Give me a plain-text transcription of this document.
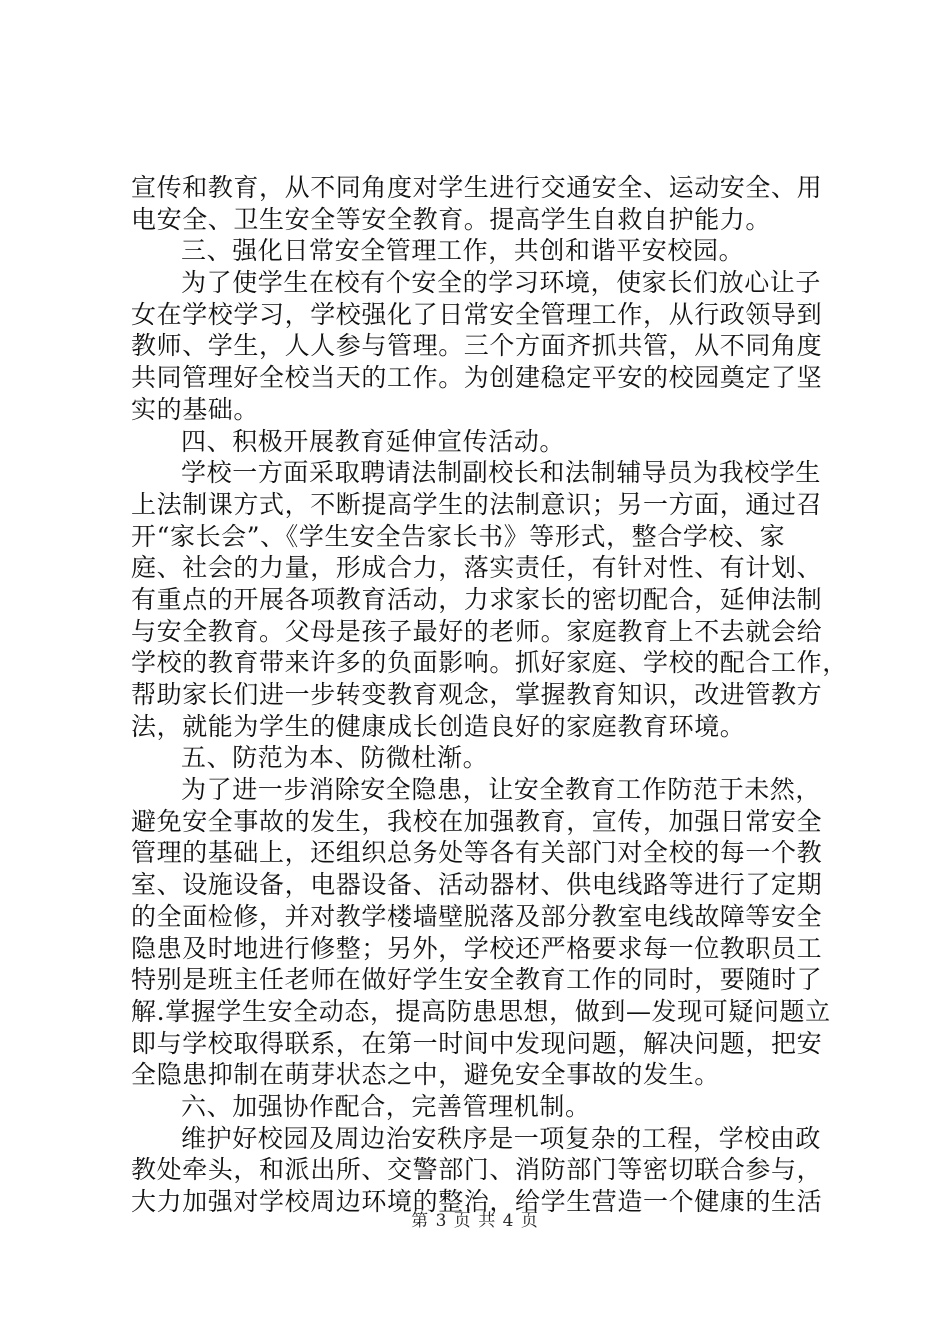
宣传和教育，从不同角度对学生进行交通安全、运动安全、用
电安全、卫生安全等安全教育。提高学生自救自护能力。
三、强化日常安全管理工作，共创和谐平安校园。
为了使学生在校有个安全的学习环境，使家长们放心让子
女在学校学习，学校强化了日常安全管理工作，从行政领导到
教师、学生，人人参与管理。三个方面齐抓共管，从不同角度
共同管理好全校当天的工作。为创建稳定平安的校园奠定了坚
实的基础。
四、积极开展教育延伸宣传活动。
学校一方面采取聘请法制副校长和法制辅导员为我校学生
上法制课方式，不断提高学生的法制意识；另一方面，通过召
开“家长会”、《学生安全告家长书》等形式，整合学校、家
庭、社会的力量，形成合力，落实责任，有针对性、有计划、
有重点的开展各项教育活动，力求家长的密切配合，延伸法制
与安全教育。父母是孩子最好的老师。家庭教育上不去就会给
学校的教育带来许多的负面影响。抓好家庭、学校的配合工作，
帮助家长们进一步转变教育观念，掌握教育知识，改进管教方
法，就能为学生的健康成长创造良好的家庭教育环境。
五、防范为本、防微杜渐。
为了进一步消除安全隐患，让安全教育工作防范于未然，
避免安全事故的发生，我校在加强教育，宣传，加强日常安全
管理的基础上，还组织总务处等各有关部门对全校的每一个教
室、设施设备，电器设备、活动器材、供电线路等进行了定期
的全面检修，并对教学楼墙壁脱落及部分教室电线故障等安全
隐患及时地进行修整；另外，学校还严格要求每一位教职员工
特别是班主任老师在做好学生安全教育工作的同时，要随时了
解.掌握学生安全动态，提高防患思想，做到—发现可疑问题立
即与学校取得联系，在第一时间中发现问题，解决问题，把安
全隐患抑制在萌芽状态之中，避免安全事故的发生。
六、加强协作配合，完善管理机制。
维护好校园及周边治安秩序是一项复杂的工程，学校由政
教处牵头，和派出所、交警部门、消防部门等密切联合参与，
大力加强对学校周边环境的整治，给学生营造一个健康的生活
第 3 页 共 4 页
